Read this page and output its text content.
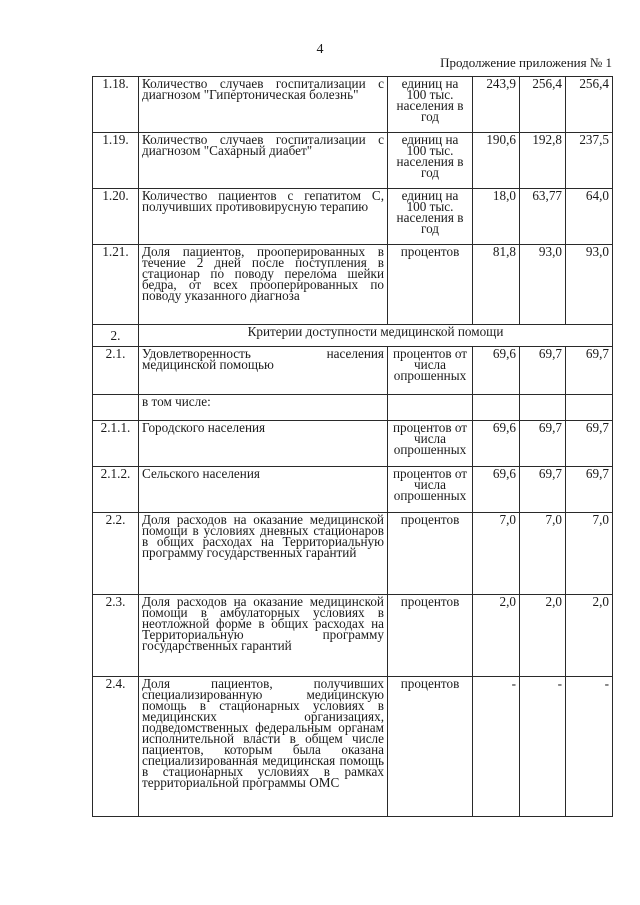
4
Продолжение приложения № 1
1.18.	Количество случаев госпитализации с диагнозом "Гипертоническая болезнь"	единиц на 100 тыс. населения в год	243,9	256,4	256,4
1.19.	Количество случаев госпитализации с диагнозом "Сахарный диабет"	единиц на 100 тыс. населения в год	190,6	192,8	237,5
1.20.	Количество пациентов с гепатитом С, получивших противовирусную терапию	единиц на 100 тыс. населения в год	18,0	63,77	64,0
1.21.	Доля пациентов, прооперированных в течение 2 дней после поступления в стационар по поводу перелома шейки бедра, от всех прооперированных по поводу указанного диагноза	процентов	81,8	93,0	93,0
2.	Критерии доступности медицинской помощи				
2.1.	Удовлетворенность населения медицинской помощью	процентов от числа опрошенных	69,6	69,7	69,7
	в том числе:				
2.1.1.	Городского населения	процентов от числа опрошенных	69,6	69,7	69,7
2.1.2.	Сельского населения	процентов от числа опрошенных	69,6	69,7	69,7
2.2.	Доля расходов на оказание медицинской помощи в условиях дневных стационаров в общих расходах на Территориальную программу государственных гарантий	процентов	7,0	7,0	7,0
2.3.	Доля расходов на оказание медицинской помощи в амбулаторных условиях в неотложной форме в общих расходах на Территориальную программу государственных гарантий	процентов	2,0	2,0	2,0
2.4.	Доля пациентов, получивших специализированную медицинскую помощь в стационарных условиях в медицинских организациях, подведомственных федеральным органам исполнительной власти в общем числе пациентов, которым была оказана специализированная медицинская помощь в стационарных условиях в рамках территориальной программы ОМС	процентов	-	-	-
